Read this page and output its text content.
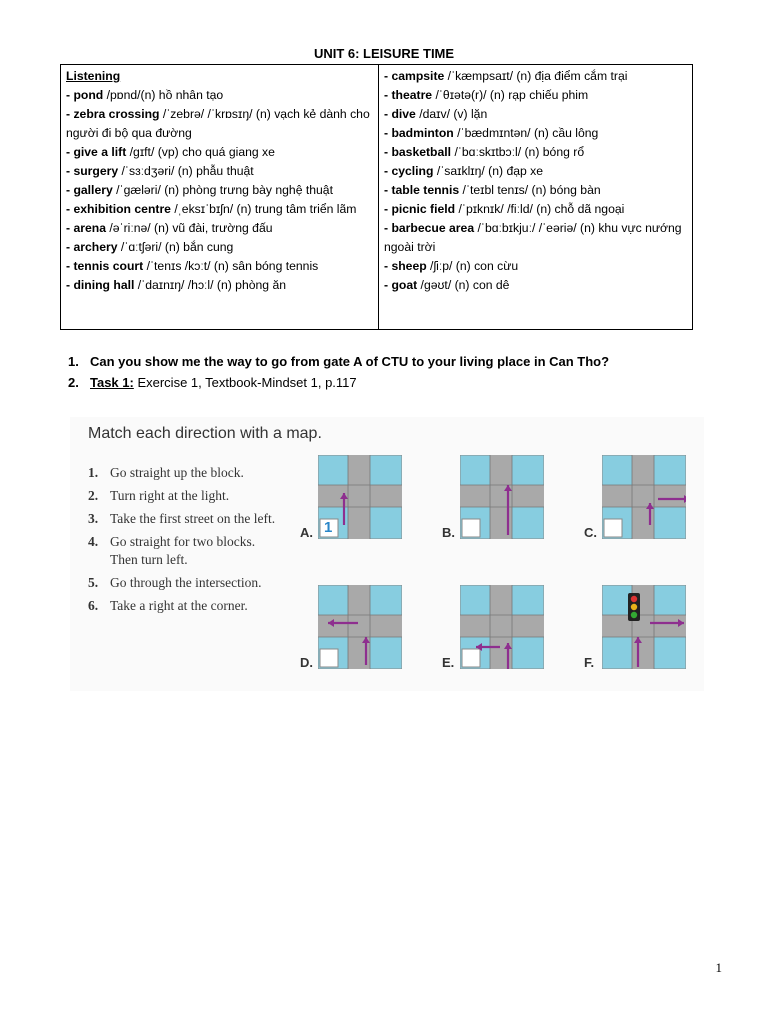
UNIT 6: LEISURE TIME
Listening
- pond /pɒnd/(n) hồ nhân tạo
- zebra crossing /ˈzebrə/ /ˈkrɒsɪŋ/ (n) vạch kẻ dành cho người đi bộ qua đường
- give a lift /ɡɪft/ (vp) cho quá giang xe
- surgery /ˈsɜːdʒəri/ (n) phẫu thuật
- gallery /ˈɡæləri/ (n) phòng trưng bày nghệ thuật
- exhibition centre /ˌeksɪˈbɪʃn/ (n) trung tâm triển lãm
- arena /əˈriːnə/ (n) vũ đài, trường đấu
- archery /ˈɑːtʃəri/ (n) bắn cung
- tennis court /ˈtenɪs /kɔːt/ (n) sân bóng tennis
- dining hall /ˈdaɪnɪŋ/ /hɔːl/ (n) phòng ăn
- campsite /ˈkæmpsaɪt/ (n) địa điểm cắm trại
- theatre /ˈθɪətə(r)/ (n) rạp chiếu phim
- dive /daɪv/ (v) lặn
- badminton /ˈbædmɪntən/ (n) cầu lông
- basketball /ˈbɑːskɪtbɔːl/ (n) bóng rổ
- cycling /ˈsaɪklɪŋ/ (n) đạp xe
- table tennis /ˈteɪbl tenɪs/ (n) bóng bàn
- picnic field /ˈpɪknɪk/ /fiːld/ (n) chỗ dã ngoại
- barbecue area /ˈbɑːbɪkjuː/ /ˈeəriə/ (n) khu vực nướng ngoài trời
- sheep /ʃiːp/ (n) con cừu
- goat /ɡəʊt/ (n) con dê
1. Can you show me the way to go from gate A of CTU to your living place in Can Tho?
2. Task 1: Exercise 1, Textbook-Mindset 1, p.117
Match each direction with a map.
1. Go straight up the block.
2. Turn right at the light.
3. Take the first street on the left.
4. Go straight for two blocks.
Then turn left.
5. Go through the intersection.
6. Take a right at the corner.
1
A.	B.	C.
D.	E.	F.
1
